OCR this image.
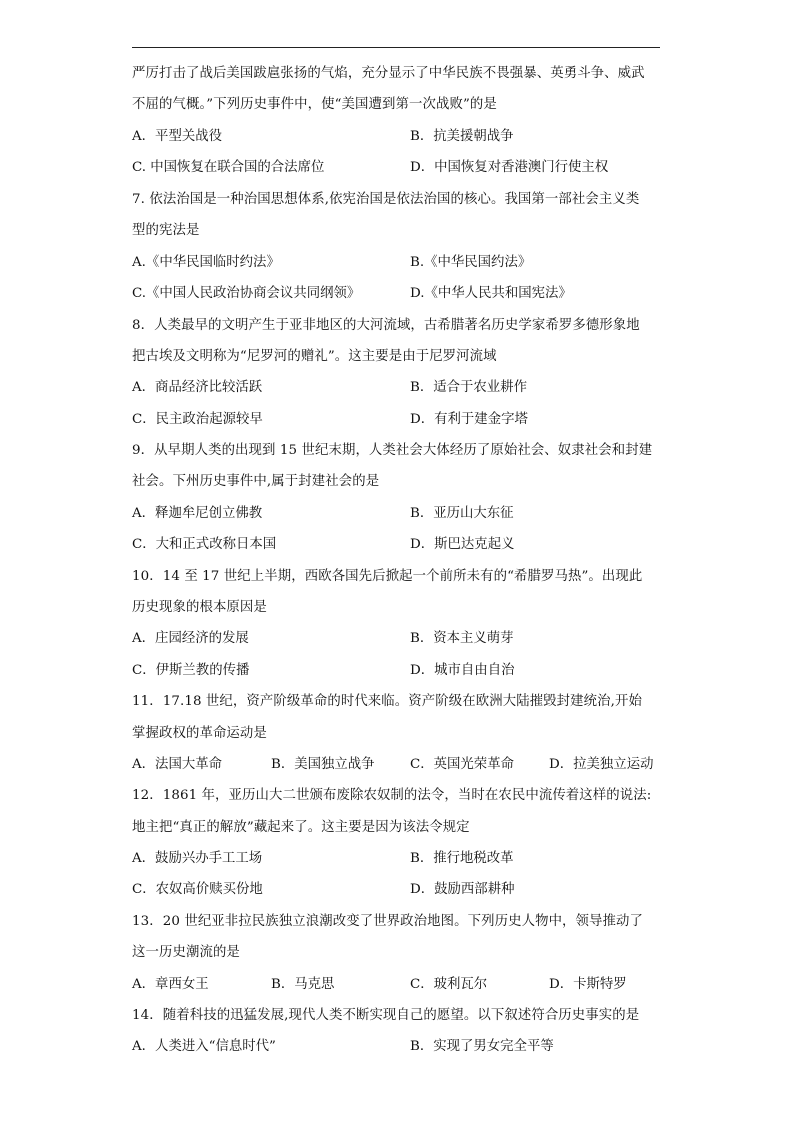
严厉打击了战后美国跋扈张扬的气焰，充分显示了中华民族不畏强暴、英勇斗争、威武
不屈的气概。”下列历史事件中，使“美国遭到第一次战败”的是
A．平型关战役	B．抗美援朝战争
C. 中国恢复在联合国的合法席位	D．中国恢复对香港澳门行使主权
7. 依法治国是一种治国思想体系,依宪治国是依法治国的核心。我国第一部社会主义类
型的宪法是
A.《中华民国临时约法》	B.《中华民国约法》
C.《中国人民政治协商会议共同纲领》	D.《中华人民共和国宪法》
8．人类最早的文明产生于亚非地区的大河流域，古希腊著名历史学家希罗多德形象地
把古埃及文明称为“尼罗河的赠礼”。这主要是由于尼罗河流域
A．商品经济比较活跃	B．适合于农业耕作
C．民主政治起源较早	D．有利于建金字塔
9．从早期人类的出现到 15 世纪末期，人类社会大体经历了原始社会、奴隶社会和封建
社会。下州历史事件中,属于封建社会的是
A．释迦牟尼创立佛教	B．亚历山大东征
C．大和正式改称日本国	D．斯巴达克起义
10．14 至 17 世纪上半期，西欧各国先后掀起一个前所未有的“希腊罗马热”。出现此
历史现象的根本原因是
A．庄园经济的发展	B．资本主义萌芽
C．伊斯兰教的传播	D．城市自由自治
11．17.18 世纪，资产阶级革命的时代来临。资产阶级在欧洲大陆摧毁封建统治,开始
掌握政权的革命运动是
A．法国大革命	B．美国独立战争	C．英国光荣革命	D．拉美独立运动
12．1861 年，亚历山大二世颁布废除农奴制的法令，当时在农民中流传着这样的说法:
地主把“真正的解放”藏起来了。这主要是因为该法令规定
A．鼓励兴办手工工场	B．推行地税改革
C．农奴高价赎买份地	D．鼓励西部耕种
13．20 世纪亚非拉民族独立浪潮改变了世界政治地图。下列历史人物中，领导推动了
这一历史潮流的是
A．章西女王	B．马克思	C．玻利瓦尔	D．卡斯特罗
14．随着科技的迅猛发展,现代人类不断实现自己的愿望。以下叙述符合历史事实的是
A．人类进入“信息时代”	B．实现了男女完全平等
